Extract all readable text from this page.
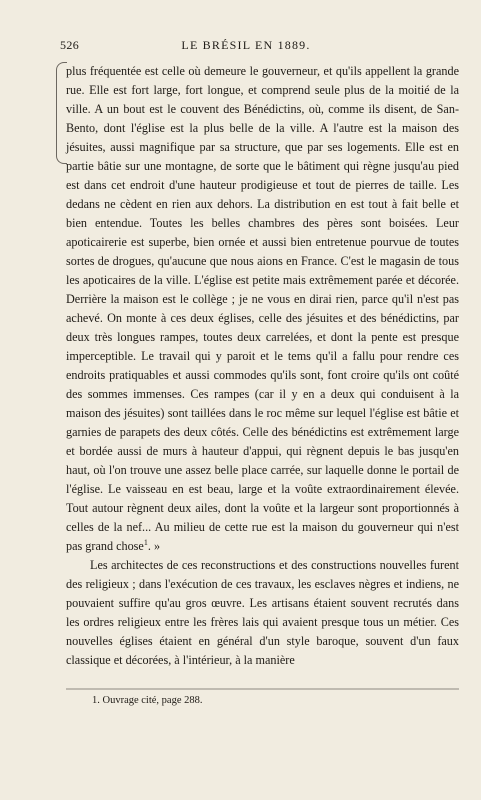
526	LE BRÉSIL EN 1889.

plus fréquentée est celle où demeure le gouverneur, et qu'ils appellent la grande rue. Elle est fort large, fort longue, et comprend seule plus de la moitié de la ville. A un bout est le couvent des Bénédictins, où, comme ils disent, de San-Bento, dont l'église est la plus belle de la ville. A l'autre est la maison des jésuites, aussi magnifique par sa structure, que par ses logements. Elle est en partie bâtie sur une montagne, de sorte que le bâtiment qui règne jusqu'au pied est dans cet endroit d'une hauteur prodigieuse et tout de pierres de taille. Les dedans ne cèdent en rien aux dehors. La distribution en est tout à fait belle et bien entendue. Toutes les belles chambres des pères sont boisées. Leur apoticairerie est superbe, bien ornée et aussi bien entretenue pourvue de toutes sortes de drogues, qu'aucune que nous aions en France. C'est le magasin de tous les apoticaires de la ville. L'église est petite mais extrêmement parée et décorée. Derrière la maison est le collège ; je ne vous en dirai rien, parce qu'il n'est pas achevé. On monte à ces deux églises, celle des jésuites et des bénédictins, par deux très longues rampes, toutes deux carrelées, et dont la pente est presque imperceptible. Le travail qui y paroit et le tems qu'il a fallu pour rendre ces endroits pratiquables et aussi commodes qu'ils sont, font croire qu'ils ont coûté des sommes immenses. Ces rampes (car il y en a deux qui conduisent à la maison des jésuites) sont taillées dans le roc même sur lequel l'église est bâtie et garnies de parapets des deux côtés. Celle des bénédictins est extrêmement large et bordée aussi de murs à hauteur d'appui, qui règnent depuis le bas jusqu'en haut, où l'on trouve une assez belle place carrée, sur laquelle donne le portail de l'église. Le vaisseau en est beau, large et la voûte extraordinairement élevée. Tout autour règnent deux ailes, dont la voûte et la largeur sont proportionnés à celles de la nef... Au milieu de cette rue est la maison du gouverneur qui n'est pas grand chose$^1$. »

Les architectes de ces reconstructions et des constructions nouvelles furent des religieux ; dans l'exécution de ces travaux, les esclaves nègres et indiens, ne pouvaient suffire qu'au gros œuvre. Les artisans étaient souvent recrutés dans les ordres religieux entre les frères lais qui avaient presque tous un métier. Ces nouvelles églises étaient en général d'un style baroque, souvent d'un faux classique et décorées, à l'intérieur, à la manière

1. Ouvrage cité, page 288.
